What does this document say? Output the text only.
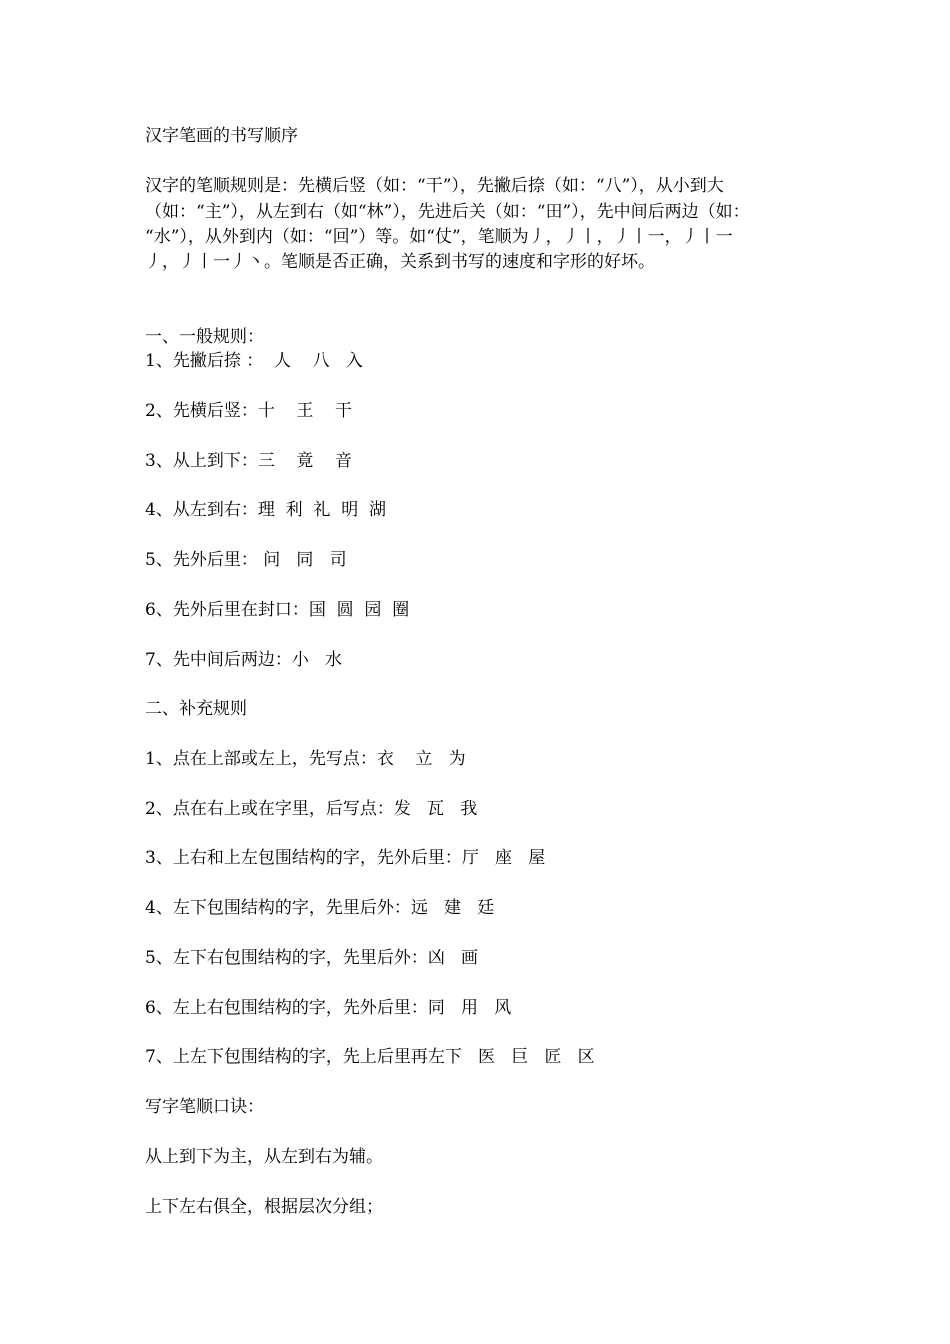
汉字笔画的书写顺序
汉字的笔顺规则是：先横后竖（如：“干”），先撇后捺（如：“八”），从小到大
（如：“主”），从左到右（如“林”），先进后关（如：“田”），先中间后两边（如：
“水”），从外到内（如：“回”）等。如“仗”，笔顺为丿，丿丨，丿丨一，丿丨一
丿，丿丨一丿丶。笔顺是否正确，关系到书写的速度和字形的好坏。
一、一般规则：
1、先撇后捺 ：  人    八   入
2、先横后竖：十    王    干
3、从上到下：三    竟    音
4、从左到右：理  利  礼  明  湖
5、先外后里： 问   同   司
6、先外后里在封口：国  圆  园  圈
7、先中间后两边：小   水
二、补充规则
1、点在上部或左上，先写点：衣    立   为
2、点在右上或在字里，后写点：发   瓦   我
3、上右和上左包围结构的字，先外后里：厅   座   屋
4、左下包围结构的字，先里后外：远   建   廷
5、左下右包围结构的字，先里后外：凶   画
6、左上右包围结构的字，先外后里：同   用   风
7、上左下包围结构的字，先上后里再左下   医   巨   匠   区
写字笔顺口诀：
从上到下为主，从左到右为辅。
上下左右俱全，根据层次分组；
